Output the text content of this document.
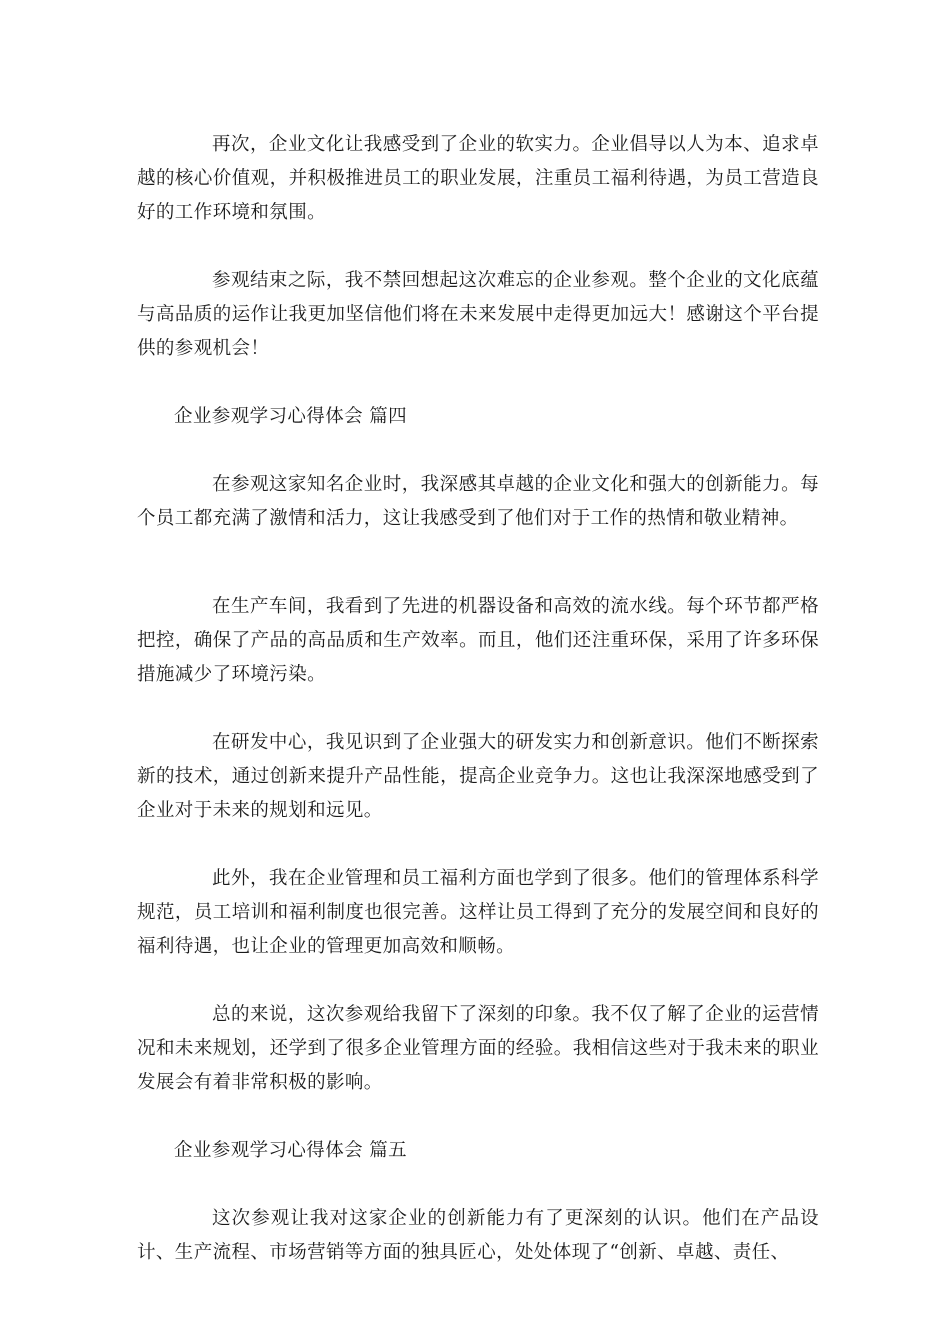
再次，企业文化让我感受到了企业的软实力。企业倡导以人为本、追求卓越的核心价值观，并积极推进员工的职业发展，注重员工福利待遇，为员工营造良好的工作环境和氛围。

参观结束之际，我不禁回想起这次难忘的企业参观。整个企业的文化底蕴与高品质的运作让我更加坚信他们将在未来发展中走得更加远大！感谢这个平台提供的参观机会！

企业参观学习心得体会 篇四

在参观这家知名企业时，我深感其卓越的企业文化和强大的创新能力。每个员工都充满了激情和活力，这让我感受到了他们对于工作的热情和敬业精神。

在生产车间，我看到了先进的机器设备和高效的流水线。每个环节都严格把控，确保了产品的高品质和生产效率。而且，他们还注重环保，采用了许多环保措施减少了环境污染。

在研发中心，我见识到了企业强大的研发实力和创新意识。他们不断探索新的技术，通过创新来提升产品性能，提高企业竞争力。这也让我深深地感受到了企业对于未来的规划和远见。

此外，我在企业管理和员工福利方面也学到了很多。他们的管理体系科学规范，员工培训和福利制度也很完善。这样让员工得到了充分的发展空间和良好的福利待遇，也让企业的管理更加高效和顺畅。

总的来说，这次参观给我留下了深刻的印象。我不仅了解了企业的运营情况和未来规划，还学到了很多企业管理方面的经验。我相信这些对于我未来的职业发展会有着非常积极的影响。

企业参观学习心得体会 篇五

这次参观让我对这家企业的创新能力有了更深刻的认识。他们在产品设计、生产流程、市场营销等方面的独具匠心，处处体现了“创新、卓越、责任、
